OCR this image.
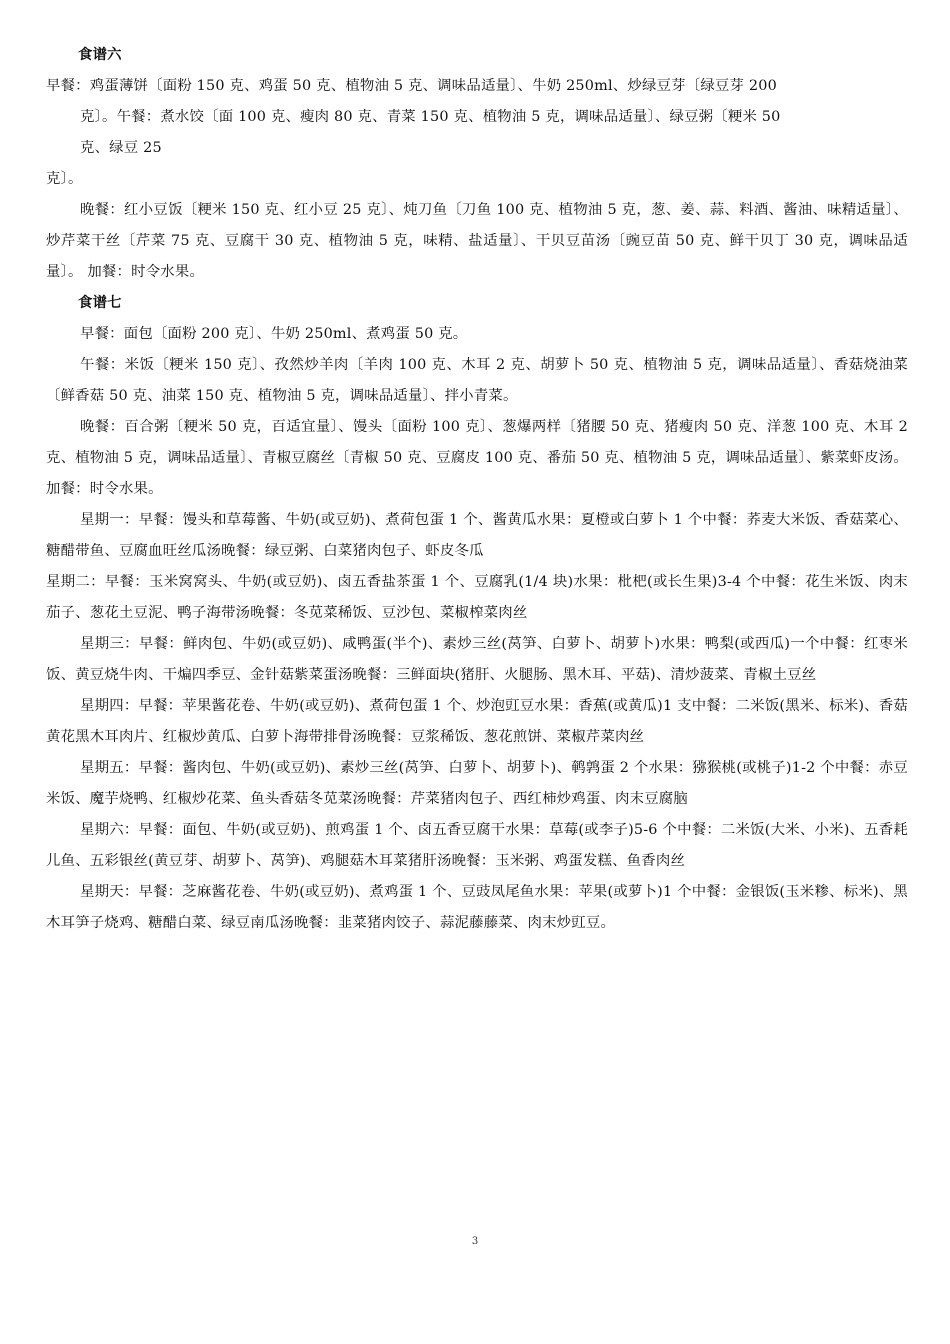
食谱六

早餐：鸡蛋薄饼〔面粉 150 克、鸡蛋 50 克、植物油 5 克、调味品适量〕、牛奶 250ml、炒绿豆芽〔绿豆芽 200

克〕。午餐：煮水饺〔面 100 克、瘦肉 80 克、青菜 150 克、植物油 5 克，调味品适量〕、绿豆粥〔粳米 50

克、绿豆 25

克〕。

晚餐：红小豆饭〔粳米 150 克、红小豆 25 克〕、炖刀鱼〔刀鱼 100 克、植物油 5 克，葱、姜、蒜、料酒、酱油、味精适量〕、炒芹菜干丝〔芹菜 75 克、豆腐干 30 克、植物油 5 克，味精、盐适量〕、干贝豆苗汤〔豌豆苗 50 克、鲜干贝丁 30 克，调味品适量〕。 加餐：时令水果。

食谱七

早餐：面包〔面粉 200 克〕、牛奶 250ml、煮鸡蛋 50 克。

午餐：米饭〔粳米 150 克〕、孜然炒羊肉〔羊肉 100 克、木耳 2 克、胡萝卜 50 克、植物油 5 克，调味品适量〕、香菇烧油菜〔鲜香菇 50 克、油菜 150 克、植物油 5 克，调味品适量〕、拌小青菜。

晚餐：百合粥〔粳米 50 克，百适宜量〕、馒头〔面粉 100 克〕、葱爆两样〔猪腰 50 克、猪瘦肉 50 克、洋葱 100 克、木耳 2 克、植物油 5 克，调味品适量〕、青椒豆腐丝〔青椒 50 克、豆腐皮 100 克、番茄 50 克、植物油 5 克，调味品适量〕、紫菜虾皮汤。 加餐：时令水果。

星期一：早餐：馒头和草莓酱、牛奶(或豆奶)、煮荷包蛋 1 个、酱黄瓜水果：夏橙或白萝卜 1 个中餐：荞麦大米饭、香菇菜心、糖醋带鱼、豆腐血旺丝瓜汤晚餐：绿豆粥、白菜猪肉包子、虾皮冬瓜

星期二：早餐：玉米窝窝头、牛奶(或豆奶)、卤五香盐茶蛋 1 个、豆腐乳(1/4 块)水果：枇杷(或长生果)3-4 个中餐：花生米饭、肉末茄子、葱花土豆泥、鸭子海带汤晚餐：冬苋菜稀饭、豆沙包、菜椒榨菜肉丝

星期三：早餐：鲜肉包、牛奶(或豆奶)、咸鸭蛋(半个)、素炒三丝(莴笋、白萝卜、胡萝卜)水果：鸭梨(或西瓜)一个中餐：红枣米饭、黄豆烧牛肉、干煸四季豆、金针菇紫菜蛋汤晚餐：三鲜面块(猪肝、火腿肠、黑木耳、平菇)、清炒菠菜、青椒土豆丝

星期四：早餐：苹果酱花卷、牛奶(或豆奶)、煮荷包蛋 1 个、炒泡豇豆水果：香蕉(或黄瓜)1 支中餐：二米饭(黑米、标米)、香菇黄花黑木耳肉片、红椒炒黄瓜、白萝卜海带排骨汤晚餐：豆浆稀饭、葱花煎饼、菜椒芹菜肉丝

星期五：早餐：酱肉包、牛奶(或豆奶)、素炒三丝(莴笋、白萝卜、胡萝卜)、鹌鹑蛋 2 个水果：猕猴桃(或桃子)1-2 个中餐：赤豆米饭、魔芋烧鸭、红椒炒花菜、鱼头香菇冬苋菜汤晚餐：芹菜猪肉包子、西红柿炒鸡蛋、肉末豆腐脑

星期六：早餐：面包、牛奶(或豆奶)、煎鸡蛋 1 个、卤五香豆腐干水果：草莓(或李子)5-6 个中餐：二米饭(大米、小米)、五香耗儿鱼、五彩银丝(黄豆芽、胡萝卜、莴笋)、鸡腿菇木耳菜猪肝汤晚餐：玉米粥、鸡蛋发糕、鱼香肉丝

星期天：早餐：芝麻酱花卷、牛奶(或豆奶)、煮鸡蛋 1 个、豆豉凤尾鱼水果：苹果(或萝卜)1 个中餐：金银饭(玉米糁、标米)、黑木耳笋子烧鸡、糖醋白菜、绿豆南瓜汤晚餐：韭菜猪肉饺子、蒜泥藤藤菜、肉末炒豇豆。

3
